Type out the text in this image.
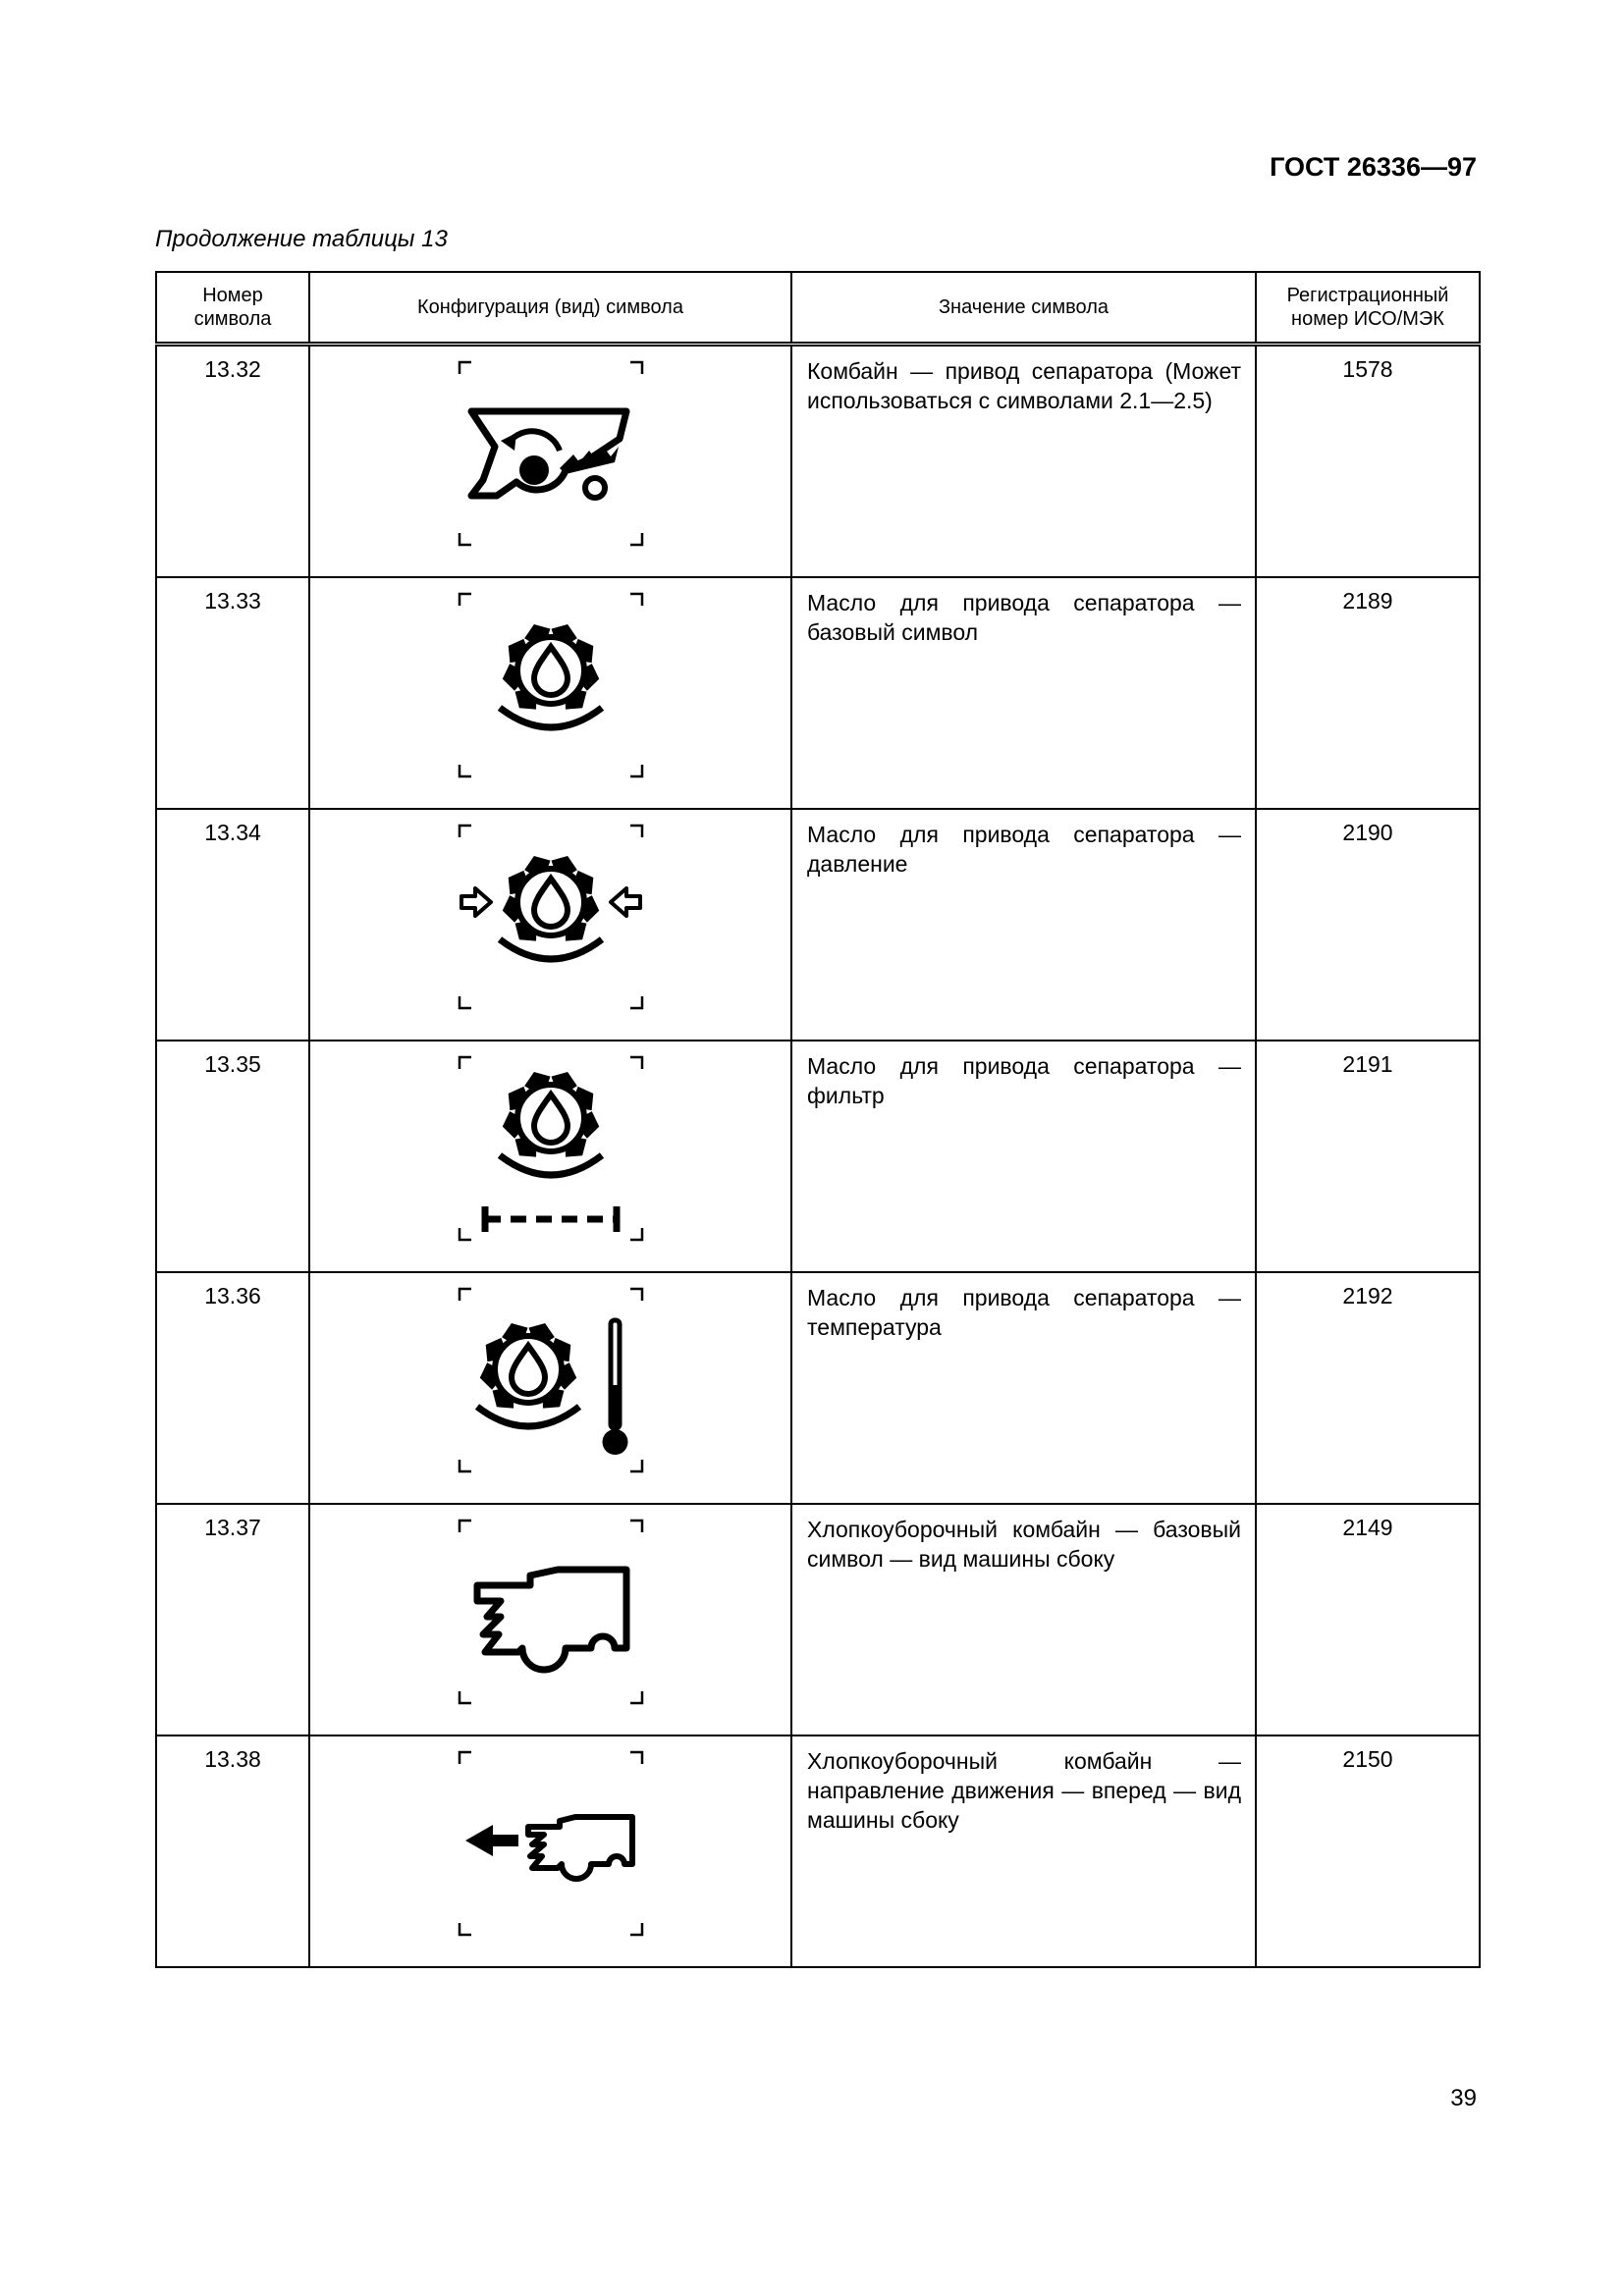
ГОСТ 26336—97
Продолжение таблицы 13
Номер символа	Конфигурация (вид) символа	Значение символа	Регистрационный номер ИСО/МЭК
13.32		Комбайн — привод сепаратора (Может использоваться с символами 2.1—2.5)	1578
13.33		Масло для привода сепаратора — базовый символ	2189
13.34		Масло для привода сепаратора — давление	2190
13.35		Масло для привода сепаратора — фильтр	2191
13.36		Масло для привода сепаратора — температура	2192
13.37		Хлопкоуборочный комбайн — базовый символ — вид машины сбоку	2149
13.38		Хлопкоуборочный комбайн — направление движения — вперед — вид машины сбоку	2150
39
